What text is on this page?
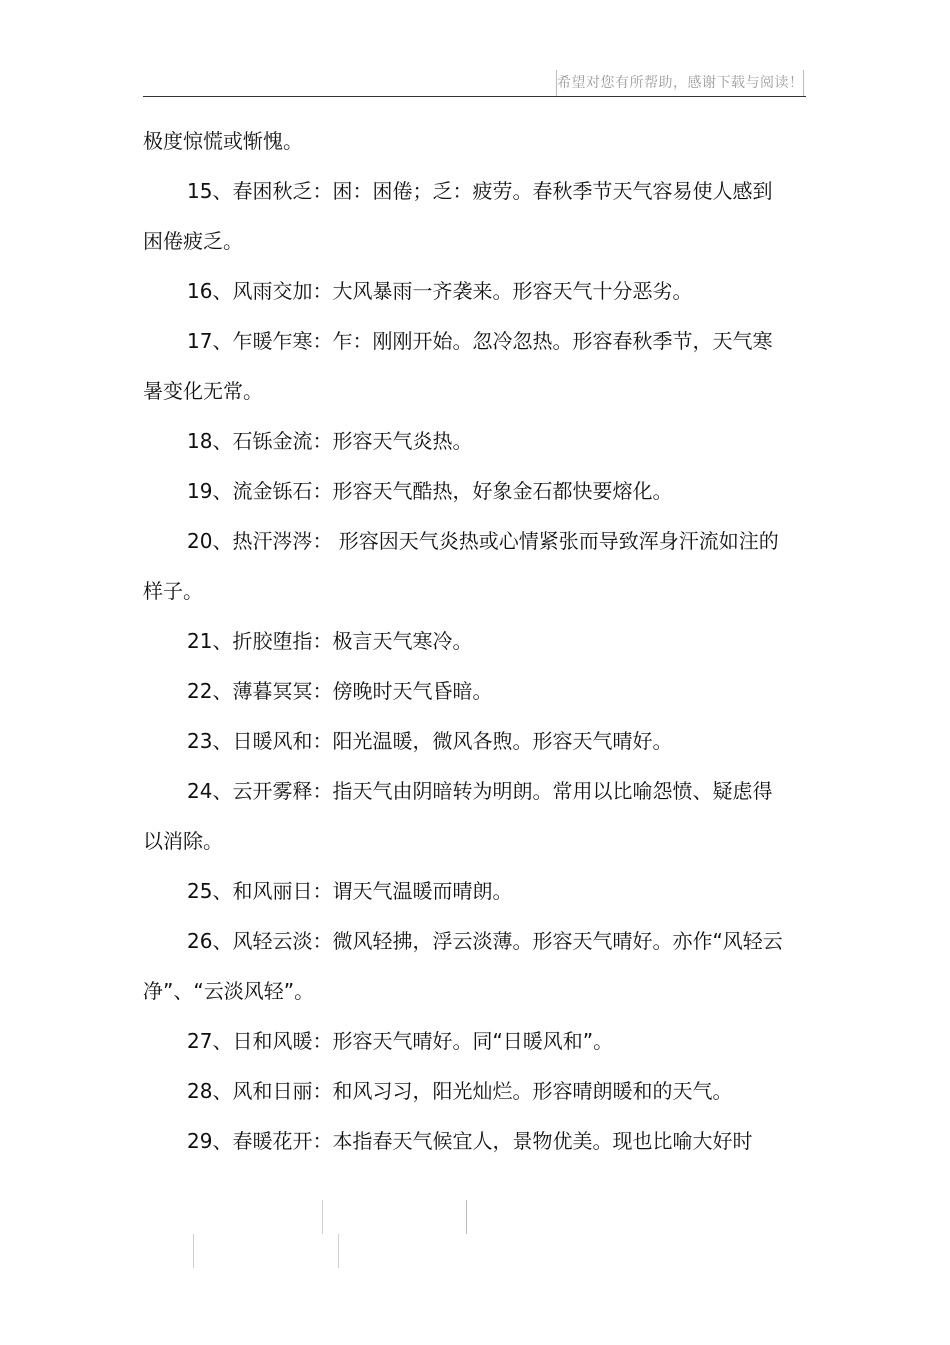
希望对您有所帮助，感谢下载与阅读！

极度惊慌或惭愧。

15、春困秋乏：困：困倦；乏：疲劳。春秋季节天气容易使人感到困倦疲乏。

16、风雨交加：大风暴雨一齐袭来。形容天气十分恶劣。

17、乍暖乍寒：乍：刚刚开始。忽冷忽热。形容春秋季节，天气寒暑变化无常。

18、石铄金流：形容天气炎热。

19、流金铄石：形容天气酷热，好象金石都快要熔化。

20、热汗涔涔： 形容因天气炎热或心情紧张而导致浑身汗流如注的样子。

21、折胶堕指：极言天气寒冷。

22、薄暮冥冥：傍晚时天气昏暗。

23、日暖风和：阳光温暖，微风各煦。形容天气晴好。

24、云开雾释：指天气由阴暗转为明朗。常用以比喻怨愤、疑虑得以消除。

25、和风丽日：谓天气温暖而晴朗。

26、风轻云淡：微风轻拂，浮云淡薄。形容天气晴好。亦作“风轻云净”、“云淡风轻”。

27、日和风暖：形容天气晴好。同“日暖风和”。

28、风和日丽：和风习习，阳光灿烂。形容晴朗暖和的天气。

29、春暖花开：本指春天气候宜人，景物优美。现也比喻大好时
